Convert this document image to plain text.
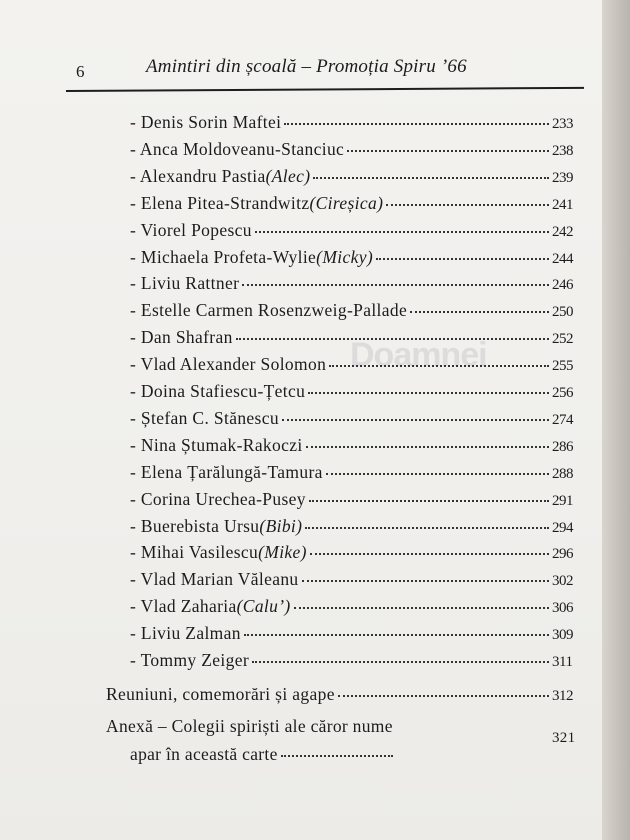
6	Amintiri din școală – Promoția Spiru ’66
Doamnei
- Denis Sorin Maftei	233
- Anca Moldoveanu-Stanciuc	238
- Alexandru Pastia (Alec)	239
- Elena Pitea-Strandwitz (Cireșica)	241
- Viorel Popescu	242
- Michaela Profeta-Wylie (Micky)	244
- Liviu Rattner	246
- Estelle Carmen Rosenzweig-Pallade	250
- Dan Shafran	252
- Vlad Alexander Solomon	255
- Doina Stafiescu-Țetcu	256
- Ștefan C. Stănescu	274
- Nina Ștumak-Rakoczi	286
- Elena Țarălungă-Tamura	288
- Corina Urechea-Pusey	291
- Buerebista Ursu (Bibi)	294
- Mihai Vasilescu (Mike)	296
- Vlad Marian Văleanu	302
- Vlad Zaharia (Calu’)	306
- Liviu Zalman	309
- Tommy Zeiger	311
Reuniuni, comemorări și agape	312
Anexă – Colegii spiriști ale căror nume
apar în această carte
321
